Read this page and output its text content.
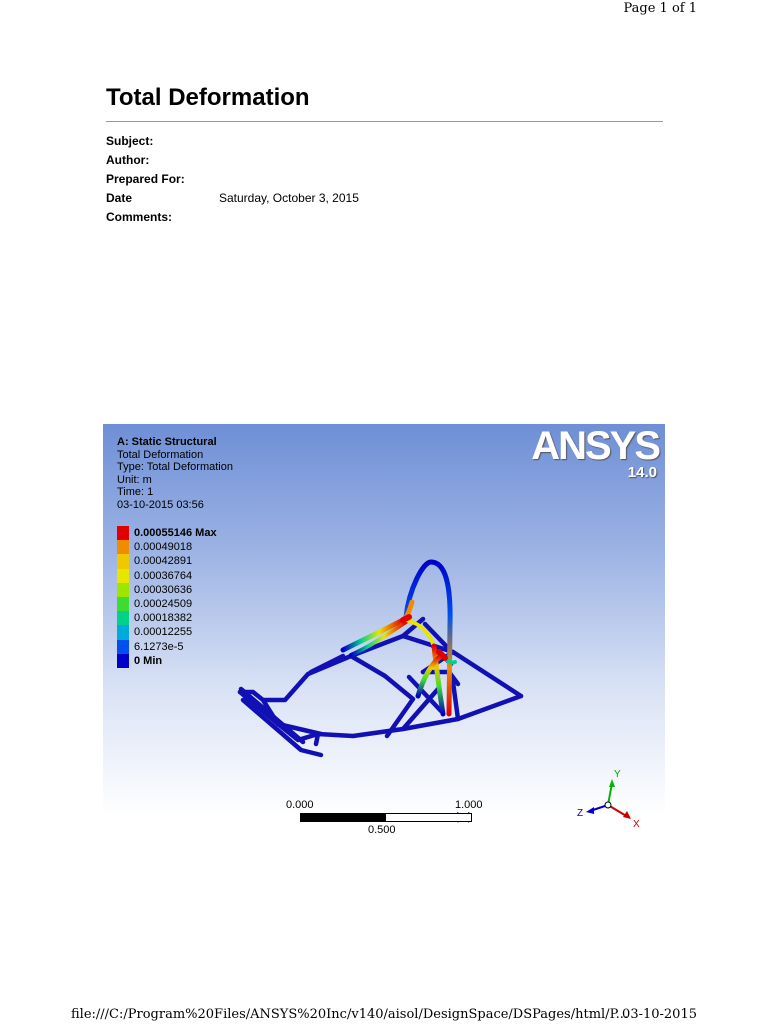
Page 1 of 1
Total Deformation
Subject:
Author:
Prepared For:
Date	Saturday, October 3, 2015
Comments:
A: Static Structural
Total Deformation
Type: Total Deformation
Unit: m
Time: 1
03-10-2015 03:56
ANSYS
14.0
0.00055146 Max
0.00049018
0.00042891
0.00036764
0.00030636
0.00024509
0.00018382
0.00012255
6.1273e-5
0 Min
Y
X
Z
0.000	1.000
0.500
file:///C:/Program%20Files/ANSYS%20Inc/v140/aisol/DesignSpace/DSPages/html/P...
03-10-2015
